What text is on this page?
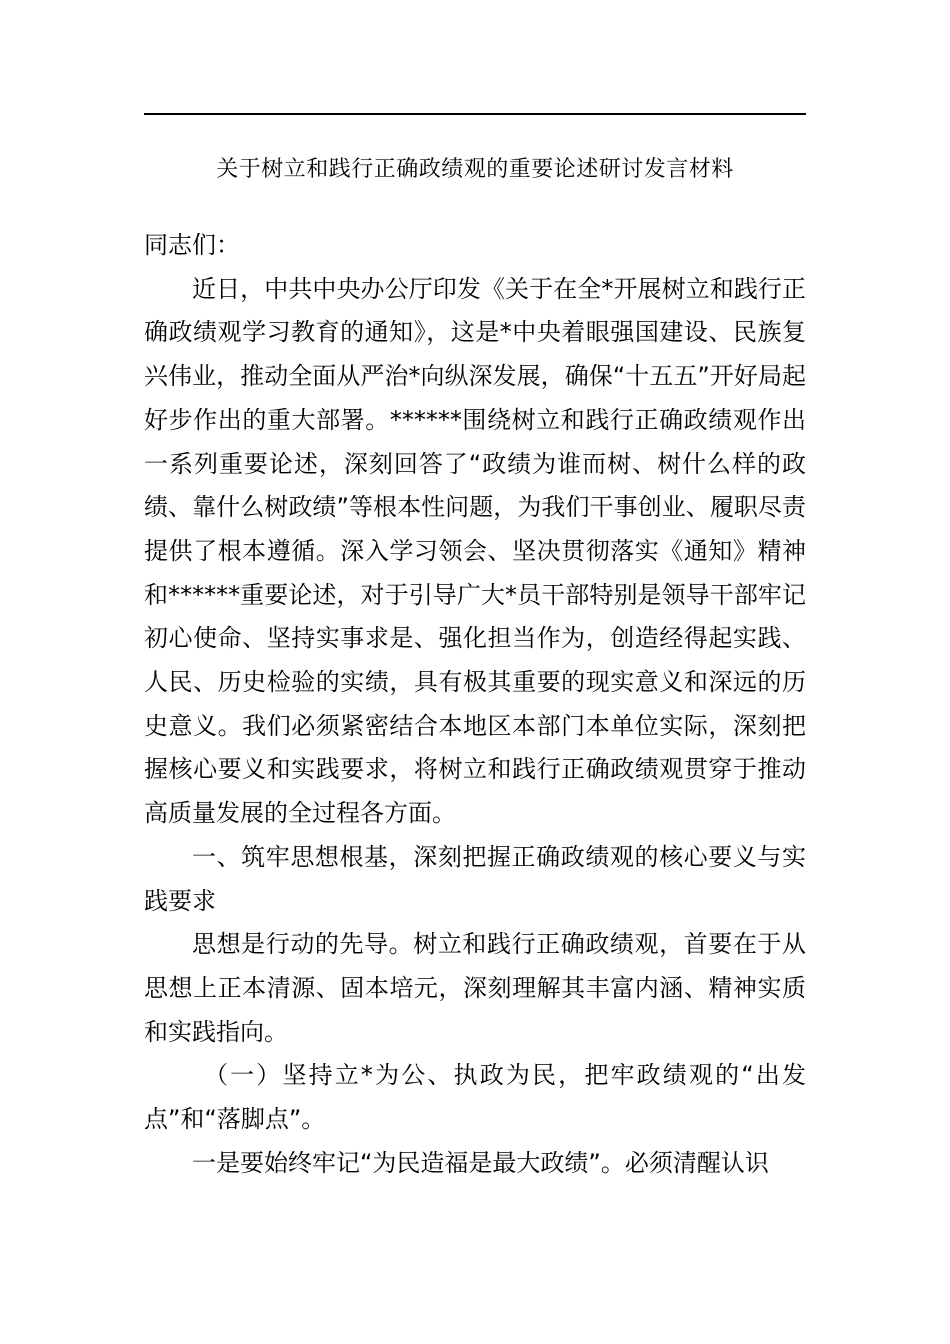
关于树立和践行正确政绩观的重要论述研讨发言材料

同志们：

近日，中共中央办公厅印发《关于在全*开展树立和践行正确政绩观学习教育的通知》，这是*中央着眼强国建设、民族复兴伟业，推动全面从严治*向纵深发展，确保“十五五”开好局起好步作出的重大部署。******围绕树立和践行正确政绩观作出一系列重要论述，深刻回答了“政绩为谁而树、树什么样的政绩、靠什么树政绩”等根本性问题，为我们干事创业、履职尽责提供了根本遵循。深入学习领会、坚决贯彻落实《通知》精神和******重要论述，对于引导广大*员干部特别是领导干部牢记初心使命、坚持实事求是、强化担当作为，创造经得起实践、人民、历史检验的实绩，具有极其重要的现实意义和深远的历史意义。我们必须紧密结合本地区本部门本单位实际，深刻把握核心要义和实践要求，将树立和践行正确政绩观贯穿于推动高质量发展的全过程各方面。

一、筑牢思想根基，深刻把握正确政绩观的核心要义与实践要求

思想是行动的先导。树立和践行正确政绩观，首要在于从思想上正本清源、固本培元，深刻理解其丰富内涵、精神实质和实践指向。

（一）坚持立*为公、执政为民，把牢政绩观的“出发点”和“落脚点”。

一是要始终牢记“为民造福是最大政绩”。必须清醒认识
